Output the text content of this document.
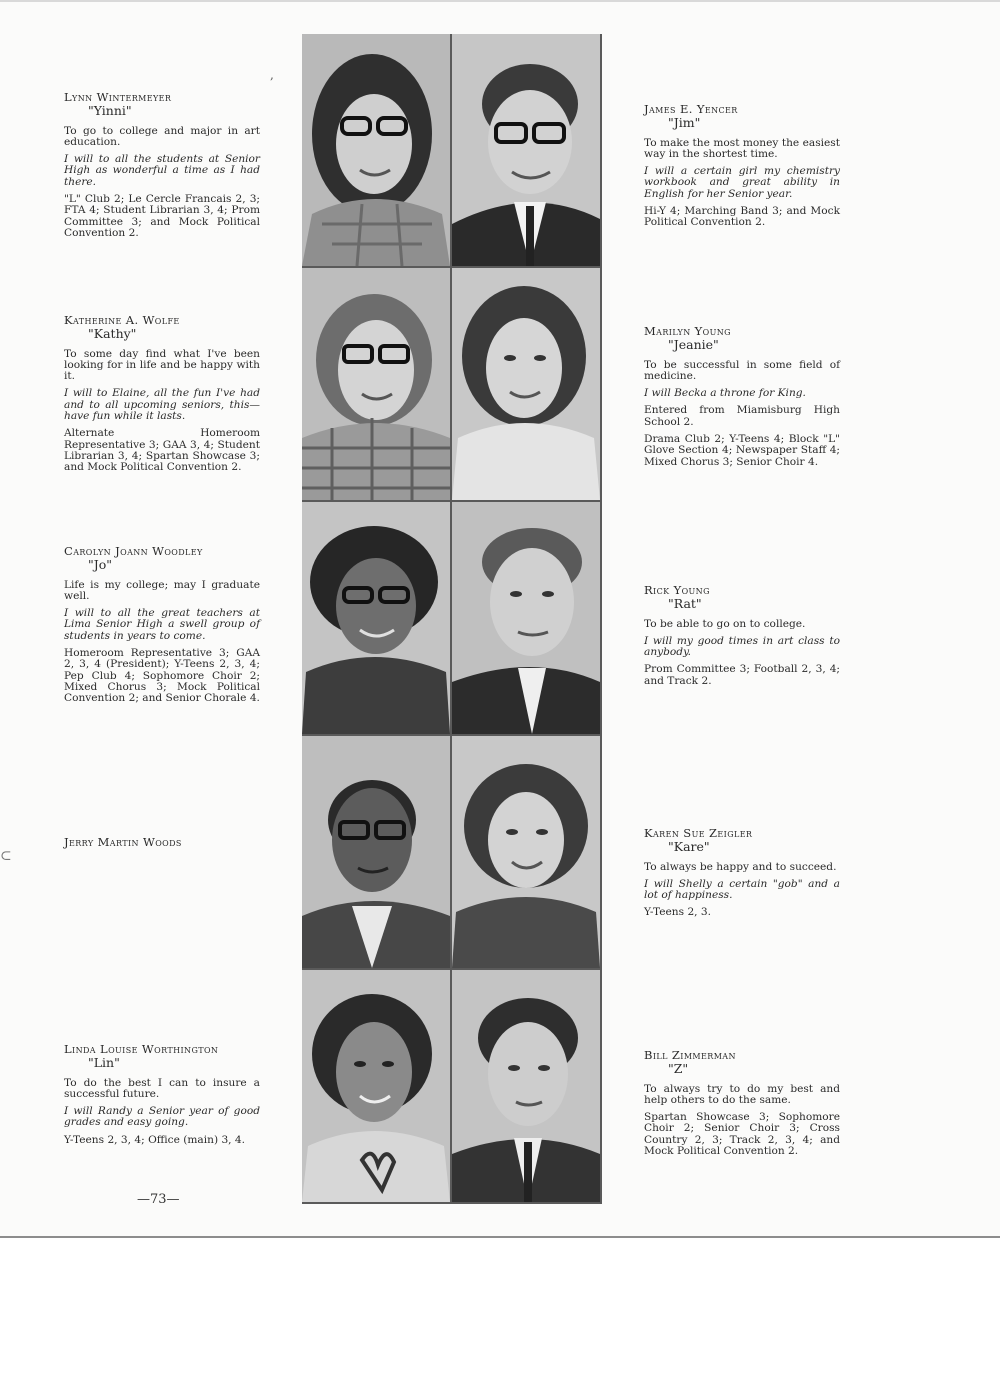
,
⊂
Lynn Wintermeyer
"Yinni"

To go to college and major in art education.

I will to all the students at Senior High as wonderful a time as I had there.

"L" Club 2; Le Cercle Francais 2, 3; FTA 4; Student Librarian 3, 4; Prom Committee 3; and Mock Political Convention 2.

Katherine A. Wolfe
"Kathy"

To some day find what I've been looking for in life and be happy with it.

I will to Elaine, all the fun I've had and to all upcoming seniors, this—have fun while it lasts.

Alternate Homeroom Representative 3; GAA 3, 4; Student Librarian 3, 4; Spartan Showcase 3; and Mock Political Convention 2.

Carolyn Joann Woodley
"Jo"

Life is my college; may I graduate well.

I will to all the great teachers at Lima Senior High a swell group of students in years to come.

Homeroom Representative 3; GAA 2, 3, 4 (President); Y-Teens 2, 3, 4; Pep Club 4; Sophomore Choir 2; Mixed Chorus 3; Mock Political Convention 2; and Senior Chorale 4.

Jerry Martin Woods
Linda Louise Worthington
"Lin"

To do the best I can to insure a successful future.

I will Randy a Senior year of good grades and easy going.

Y-Teens 2, 3, 4; Office (main) 3, 4.

James E. Yencer
"Jim"

To make the most money the easiest way in the shortest time.

I will a certain girl my chemistry workbook and great ability in English for her Senior year.

Hi-Y 4; Marching Band 3; and Mock Political Convention 2.

Marilyn Young
"Jeanie"

To be successful in some field of medicine.

I will Becka a throne for King.

Entered from Miamisburg High School 2.

Drama Club 2; Y-Teens 4; Block "L" Glove Section 4; Newspaper Staff 4; Mixed Chorus 3; Senior Choir 4.

Rick Young
"Rat"

To be able to go on to college.

I will my good times in art class to anybody.

Prom Committee 3; Football 2, 3, 4; and Track 2.

Karen Sue Zeigler
"Kare"

To always be happy and to succeed.

I will Shelly a certain "gob" and a lot of happiness.

Y-Teens 2, 3.

Bill Zimmerman
"Z"

To always try to do my best and help others to do the same.

Spartan Showcase 3; Sophomore Choir 2; Senior Choir 3; Cross Country 2, 3; Track 2, 3, 4; and Mock Political Convention 2.

—73—
